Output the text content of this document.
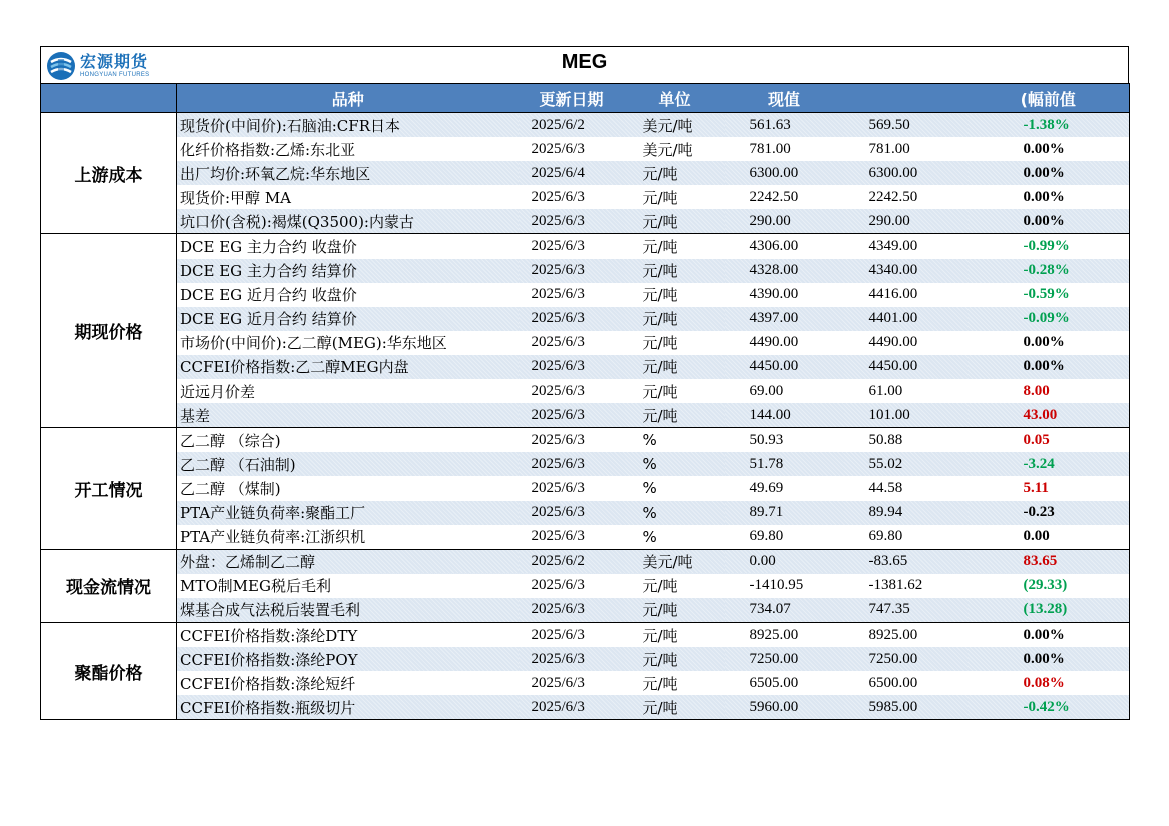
宏源期货
HONGYUAN FUTURES
MEG
	品种	更新日期	单位	现值		(幅前值
上游成本	现货价(中间价):石脑油:CFR日本	2025/6/2	美元/吨	561.63	569.50	-1.38%
	化纤价格指数:乙烯:东北亚	2025/6/3	美元/吨	781.00	781.00	0.00%
	出厂均价:环氧乙烷:华东地区	2025/6/4	元/吨	6300.00	6300.00	0.00%
	现货价:甲醇 MA	2025/6/3	元/吨	2242.50	2242.50	0.00%
	坑口价(含税):褐煤(Q3500):内蒙古	2025/6/3	元/吨	290.00	290.00	0.00%
期现价格	DCE EG 主力合约 收盘价	2025/6/3	元/吨	4306.00	4349.00	-0.99%
	DCE EG 主力合约 结算价	2025/6/3	元/吨	4328.00	4340.00	-0.28%
	DCE EG 近月合约 收盘价	2025/6/3	元/吨	4390.00	4416.00	-0.59%
	DCE EG 近月合约 结算价	2025/6/3	元/吨	4397.00	4401.00	-0.09%
	市场价(中间价):乙二醇(MEG):华东地区	2025/6/3	元/吨	4490.00	4490.00	0.00%
	CCFEI价格指数:乙二醇MEG内盘	2025/6/3	元/吨	4450.00	4450.00	0.00%
	近远月价差	2025/6/3	元/吨	69.00	61.00	8.00
	基差	2025/6/3	元/吨	144.00	101.00	43.00
开工情况	乙二醇 （综合)	2025/6/3	%	50.93	50.88	0.05
	乙二醇 （石油制)	2025/6/3	%	51.78	55.02	-3.24
	乙二醇 （煤制)	2025/6/3	%	49.69	44.58	5.11
	PTA产业链负荷率:聚酯工厂	2025/6/3	%	89.71	89.94	-0.23
	PTA产业链负荷率:江浙织机	2025/6/3	%	69.80	69.80	0.00
现金流情况	外盘：乙烯制乙二醇	2025/6/2	美元/吨	0.00	-83.65	83.65
	MTO制MEG税后毛利	2025/6/3	元/吨	-1410.95	-1381.62	(29.33)
	煤基合成气法税后装置毛利	2025/6/3	元/吨	734.07	747.35	(13.28)
聚酯价格	CCFEI价格指数:涤纶DTY	2025/6/3	元/吨	8925.00	8925.00	0.00%
	CCFEI价格指数:涤纶POY	2025/6/3	元/吨	7250.00	7250.00	0.00%
	CCFEI价格指数:涤纶短纤	2025/6/3	元/吨	6505.00	6500.00	0.08%
	CCFEI价格指数:瓶级切片	2025/6/3	元/吨	5960.00	5985.00	-0.42%
